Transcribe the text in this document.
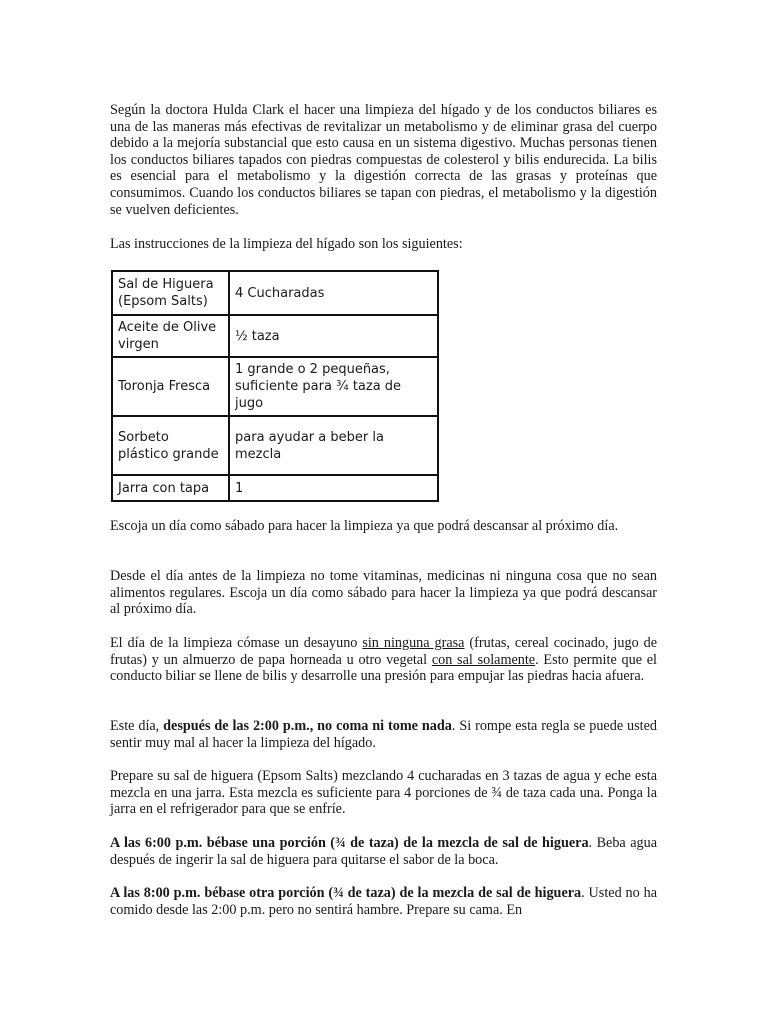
Según la doctora Hulda Clark el hacer una limpieza del hígado y de los conductos biliares es una de las maneras más efectivas de revitalizar un metabolismo y de eliminar grasa del cuerpo debido a la mejoría substancial que esto causa en un sistema digestivo. Muchas personas tienen los conductos biliares tapados con piedras compuestas de colesterol y bilis endurecida. La bilis es esencial para el metabolismo y la digestión correcta de las grasas y proteínas que consumimos. Cuando los conductos biliares se tapan con piedras, el metabolismo y la digestión se vuelven deficientes.

Las instrucciones de la limpieza del hígado son los siguientes:

Sal de Higuera (Epsom Salts)	4 Cucharadas
Aceite de Olive virgen	½ taza
Toronja Fresca	1 grande o 2 pequeñas, suficiente para ¾ taza de jugo
Sorbeto plástico grande	para ayudar a beber la mezcla
Jarra con tapa	1

Escoja un día como sábado para hacer la limpieza ya que podrá descansar al próximo día.

Desde el día antes de la limpieza no tome vitaminas, medicinas ni ninguna cosa que no sean alimentos regulares. Escoja un día como sábado para hacer la limpieza ya que podrá descansar al próximo día.

El día de la limpieza cómase un desayuno sin ninguna grasa (frutas, cereal cocinado, jugo de frutas) y un almuerzo de papa horneada u otro vegetal con sal solamente. Esto permite que el conducto biliar se llene de bilis y desarrolle una presión para empujar las piedras hacia afuera.

Este día, después de las 2:00 p.m., no coma ni tome nada. Si rompe esta regla se puede usted sentir muy mal al hacer la limpieza del hígado.

Prepare su sal de higuera (Epsom Salts) mezclando 4 cucharadas en 3 tazas de agua y eche esta mezcla en una jarra. Esta mezcla es suficiente para 4 porciones de ¾ de taza cada una. Ponga la jarra en el refrigerador para que se enfríe.

A las 6:00 p.m. bébase una porción (¾ de taza) de la mezcla de sal de higuera. Beba agua después de ingerir la sal de higuera para quitarse el sabor de la boca.

A las 8:00 p.m. bébase otra porción (¾ de taza) de la mezcla de sal de higuera. Usted no ha comido desde las 2:00 p.m. pero no sentirá hambre. Prepare su cama. En
